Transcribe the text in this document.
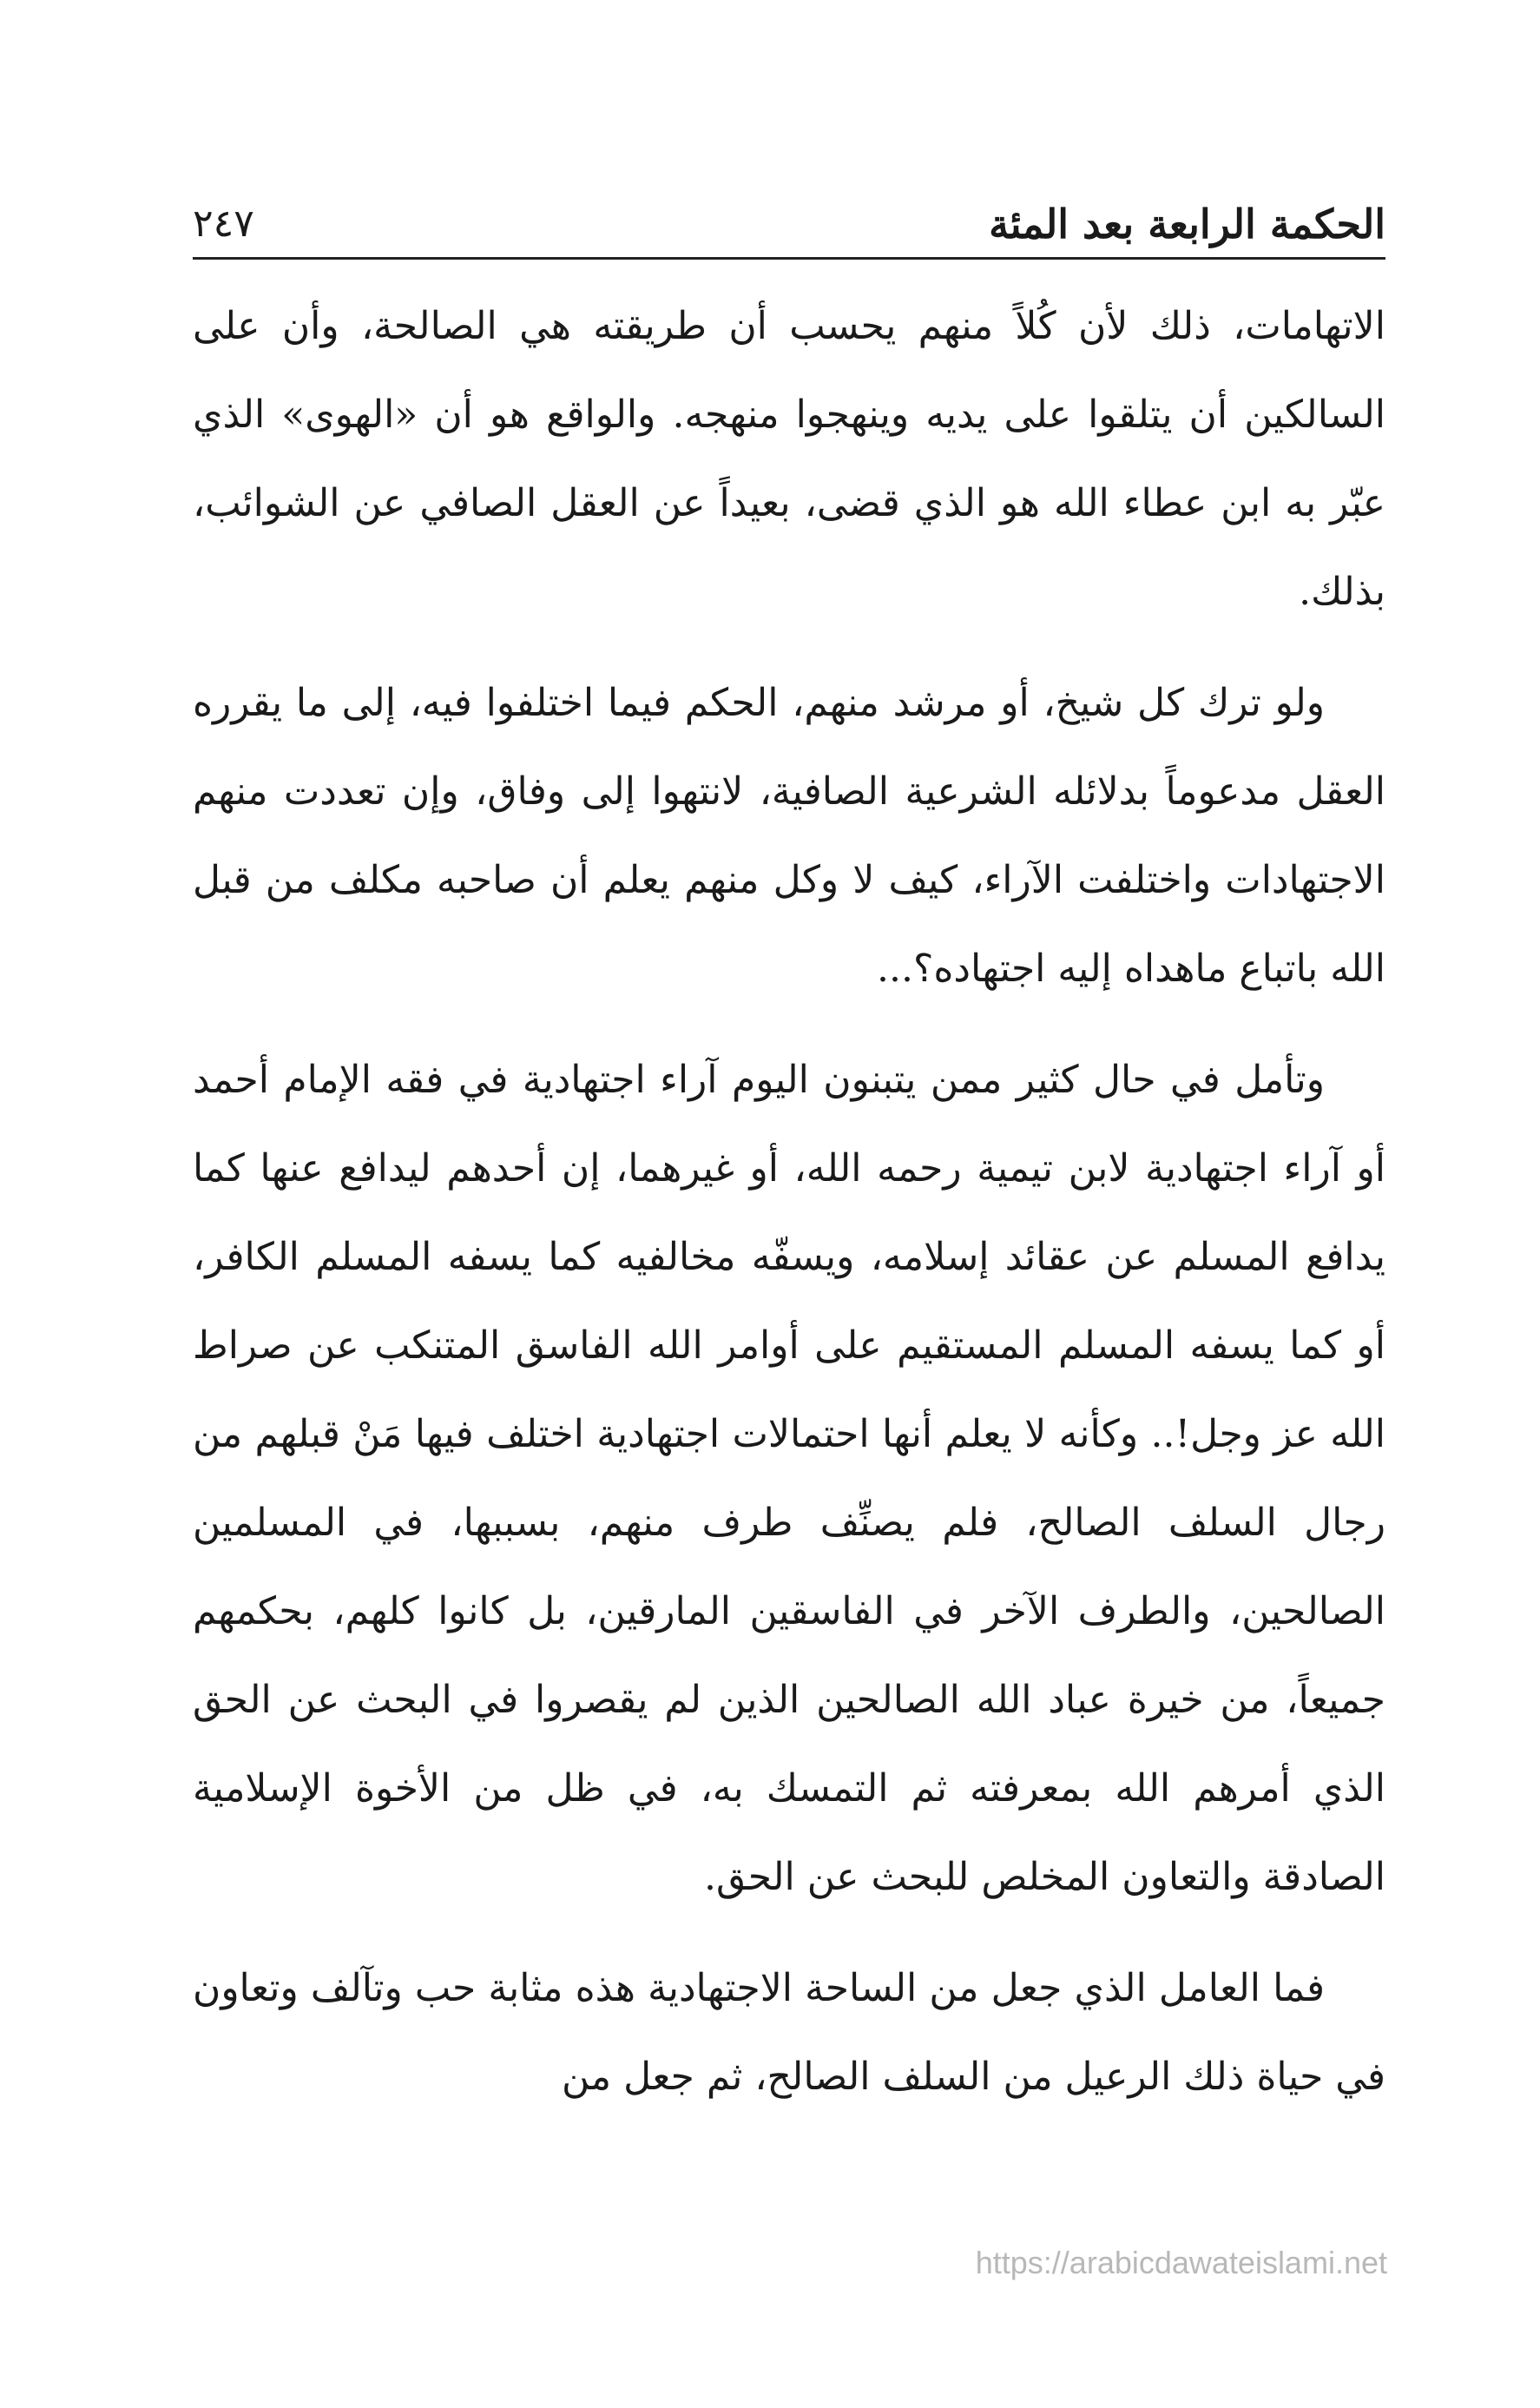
٢٤٧	الحكمة الرابعة بعد المئة

الاتهامات، ذلك لأن كُلاً منهم يحسب أن طريقته هي الصالحة، وأن على السالكين أن يتلقوا على يديه وينهجوا منهجه. والواقع هو أن «الهوى» الذي عبّر به ابن عطاء الله هو الذي قضى، بعيداً عن العقل الصافي عن الشوائب، بذلك.

ولو ترك كل شيخ، أو مرشد منهم، الحكم فيما اختلفوا فيه، إلى ما يقرره العقل مدعوماً بدلائله الشرعية الصافية، لانتهوا إلى وفاق، وإن تعددت منهم الاجتهادات واختلفت الآراء، كيف لا وكل منهم يعلم أن صاحبه مكلف من قبل الله باتباع ماهداه إليه اجتهاده؟...

وتأمل في حال كثير ممن يتبنون اليوم آراء اجتهادية في فقه الإمام أحمد أو آراء اجتهادية لابن تيمية رحمه الله، أو غيرهما، إن أحدهم ليدافع عنها كما يدافع المسلم عن عقائد إسلامه، ويسفّه مخالفيه كما يسفه المسلم الكافر، أو كما يسفه المسلم المستقيم على أوامر الله الفاسق المتنكب عن صراط الله عز وجل!.. وكأنه لا يعلم أنها احتمالات اجتهادية اختلف فيها مَنْ قبلهم من رجال السلف الصالح، فلم يصنِّف طرف منهم، بسببها، في المسلمين الصالحين، والطرف الآخر في الفاسقين المارقين، بل كانوا كلهم، بحكمهم جميعاً، من خيرة عباد الله الصالحين الذين لم يقصروا في البحث عن الحق الذي أمرهم الله بمعرفته ثم التمسك به، في ظل من الأخوة الإسلامية الصادقة والتعاون المخلص للبحث عن الحق.

فما العامل الذي جعل من الساحة الاجتهادية هذه مثابة حب وتآلف وتعاون في حياة ذلك الرعيل من السلف الصالح، ثم جعل من

https://arabicdawateislami.net
